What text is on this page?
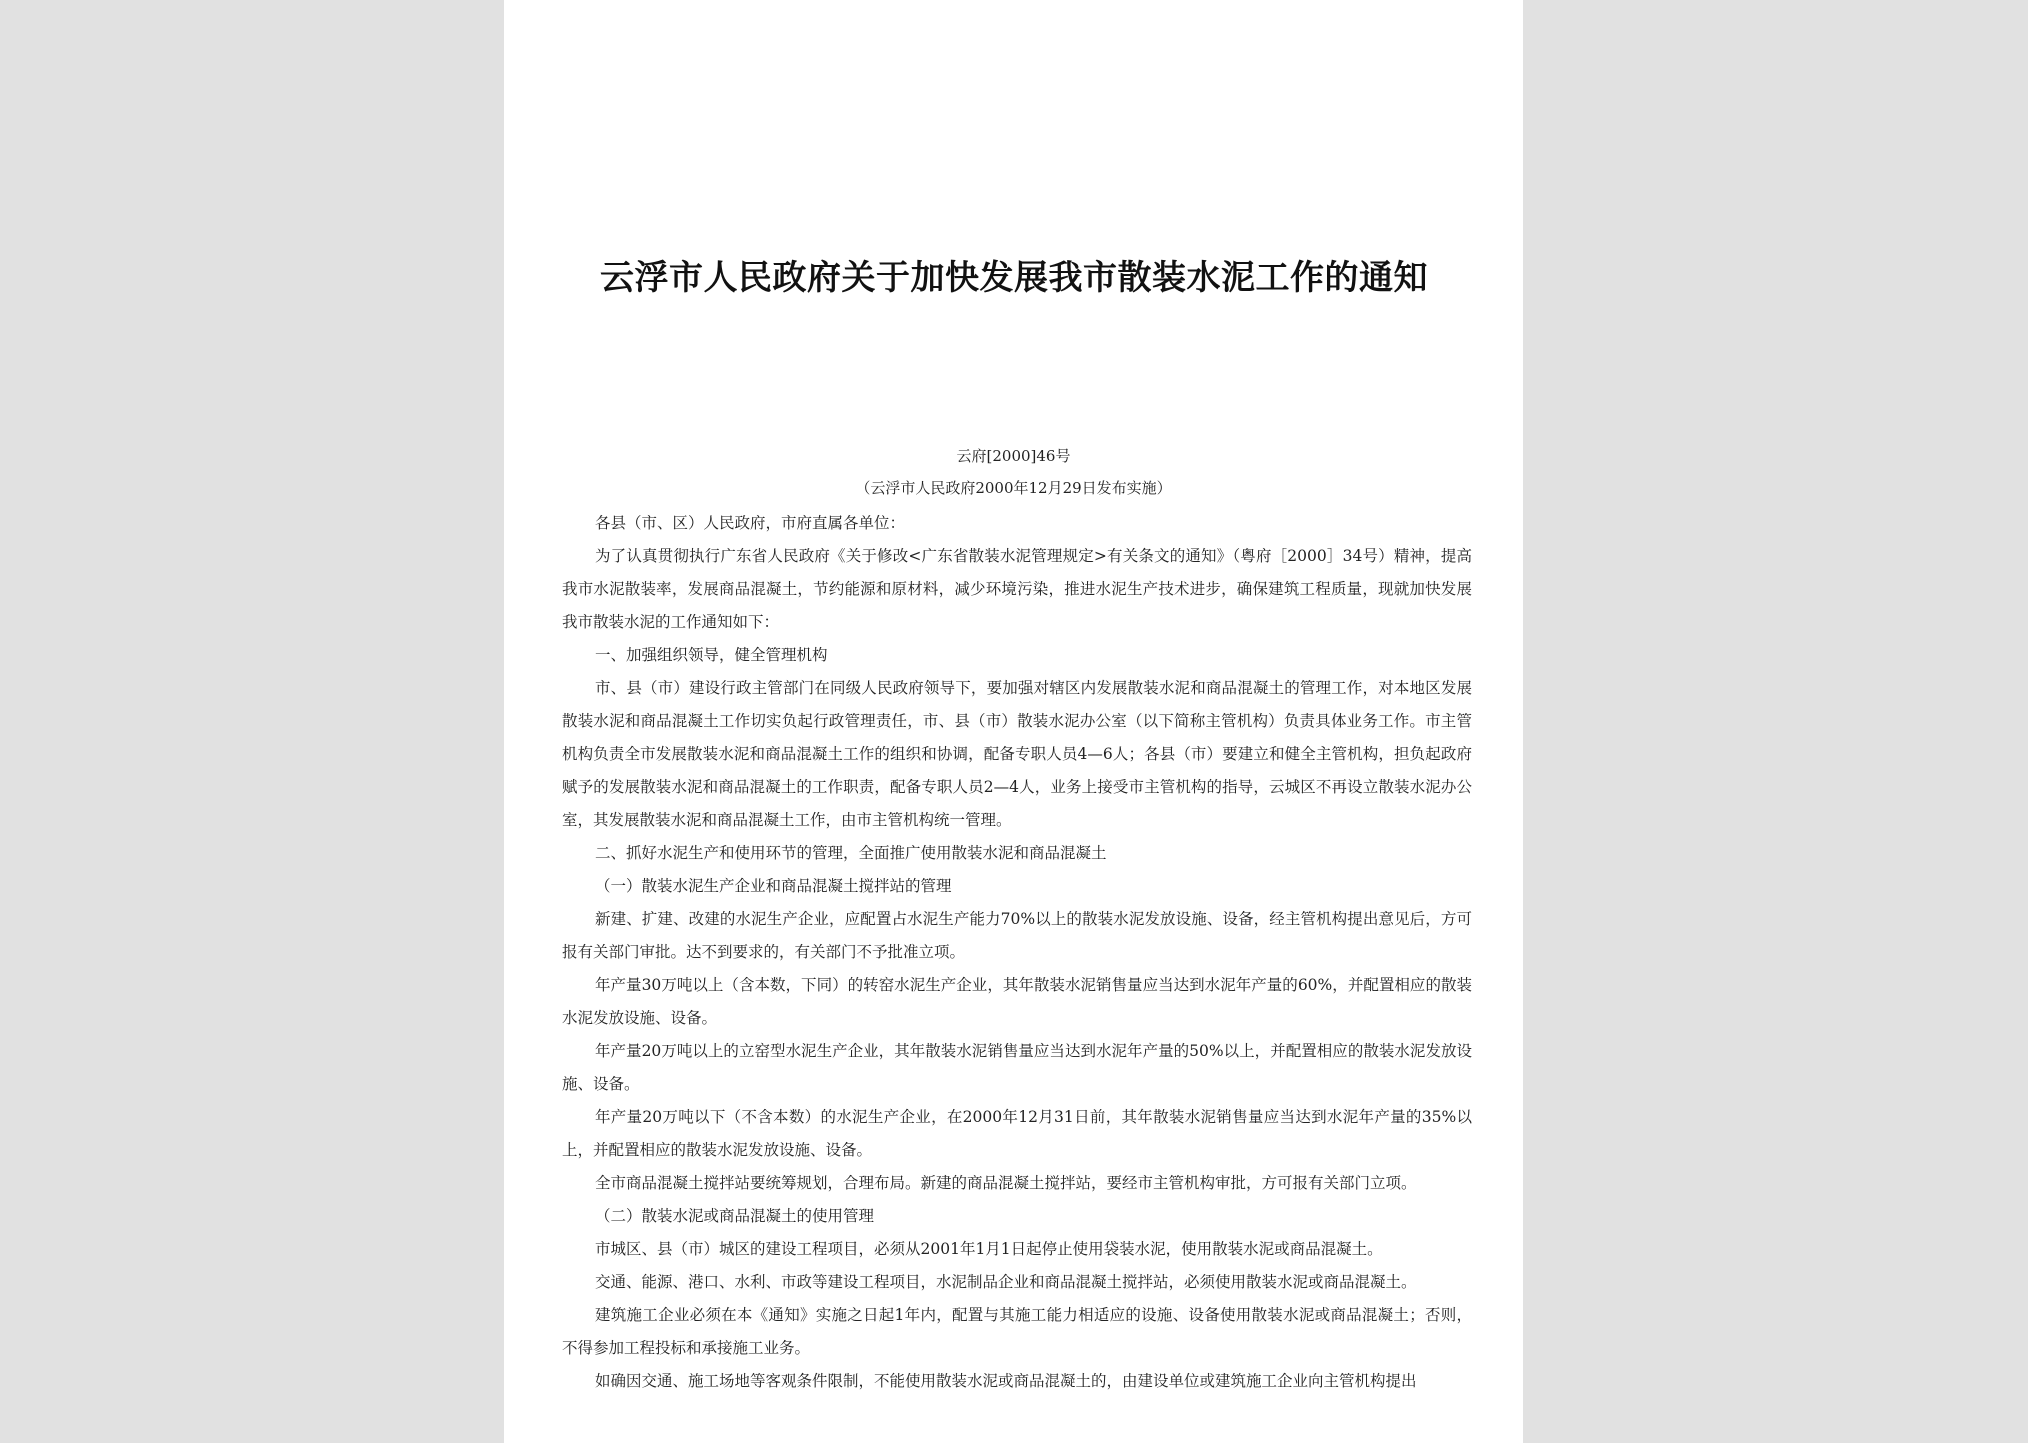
云浮市人民政府关于加快发展我市散装水泥工作的通知
云府[2000]46号
（云浮市人民政府2000年12月29日发布实施）

各县（市、区）人民政府，市府直属各单位：

为了认真贯彻执行广东省人民政府《关于修改<广东省散装水泥管理规定>有关条文的通知》（粤府［2000］34号）精神，提高我市水泥散装率，发展商品混凝土，节约能源和原材料，减少环境污染，推进水泥生产技术进步，确保建筑工程质量，现就加快发展我市散装水泥的工作通知如下：

一、加强组织领导，健全管理机构

市、县（市）建设行政主管部门在同级人民政府领导下，要加强对辖区内发展散装水泥和商品混凝土的管理工作，对本地区发展散装水泥和商品混凝土工作切实负起行政管理责任，市、县（市）散装水泥办公室（以下简称主管机构）负责具体业务工作。市主管机构负责全市发展散装水泥和商品混凝土工作的组织和协调，配备专职人员4—6人；各县（市）要建立和健全主管机构，担负起政府赋予的发展散装水泥和商品混凝土的工作职责，配备专职人员2—4人，业务上接受市主管机构的指导，云城区不再设立散装水泥办公室，其发展散装水泥和商品混凝土工作，由市主管机构统一管理。

二、抓好水泥生产和使用环节的管理，全面推广使用散装水泥和商品混凝土

（一）散装水泥生产企业和商品混凝土搅拌站的管理

新建、扩建、改建的水泥生产企业，应配置占水泥生产能力70%以上的散装水泥发放设施、设备，经主管机构提出意见后，方可报有关部门审批。达不到要求的，有关部门不予批准立项。

年产量30万吨以上（含本数，下同）的转窑水泥生产企业，其年散装水泥销售量应当达到水泥年产量的60%，并配置相应的散装水泥发放设施、设备。

年产量20万吨以上的立窑型水泥生产企业，其年散装水泥销售量应当达到水泥年产量的50%以上，并配置相应的散装水泥发放设施、设备。

年产量20万吨以下（不含本数）的水泥生产企业，在2000年12月31日前，其年散装水泥销售量应当达到水泥年产量的35%以上，并配置相应的散装水泥发放设施、设备。

全市商品混凝土搅拌站要统筹规划，合理布局。新建的商品混凝土搅拌站，要经市主管机构审批，方可报有关部门立项。

（二）散装水泥或商品混凝土的使用管理

市城区、县（市）城区的建设工程项目，必须从2001年1月1日起停止使用袋装水泥，使用散装水泥或商品混凝土。

交通、能源、港口、水利、市政等建设工程项目，水泥制品企业和商品混凝土搅拌站，必须使用散装水泥或商品混凝土。

建筑施工企业必须在本《通知》实施之日起1年内，配置与其施工能力相适应的设施、设备使用散装水泥或商品混凝土；否则，不得参加工程投标和承接施工业务。

如确因交通、施工场地等客观条件限制，不能使用散装水泥或商品混凝土的，由建设单位或建筑施工企业向主管机构提出
